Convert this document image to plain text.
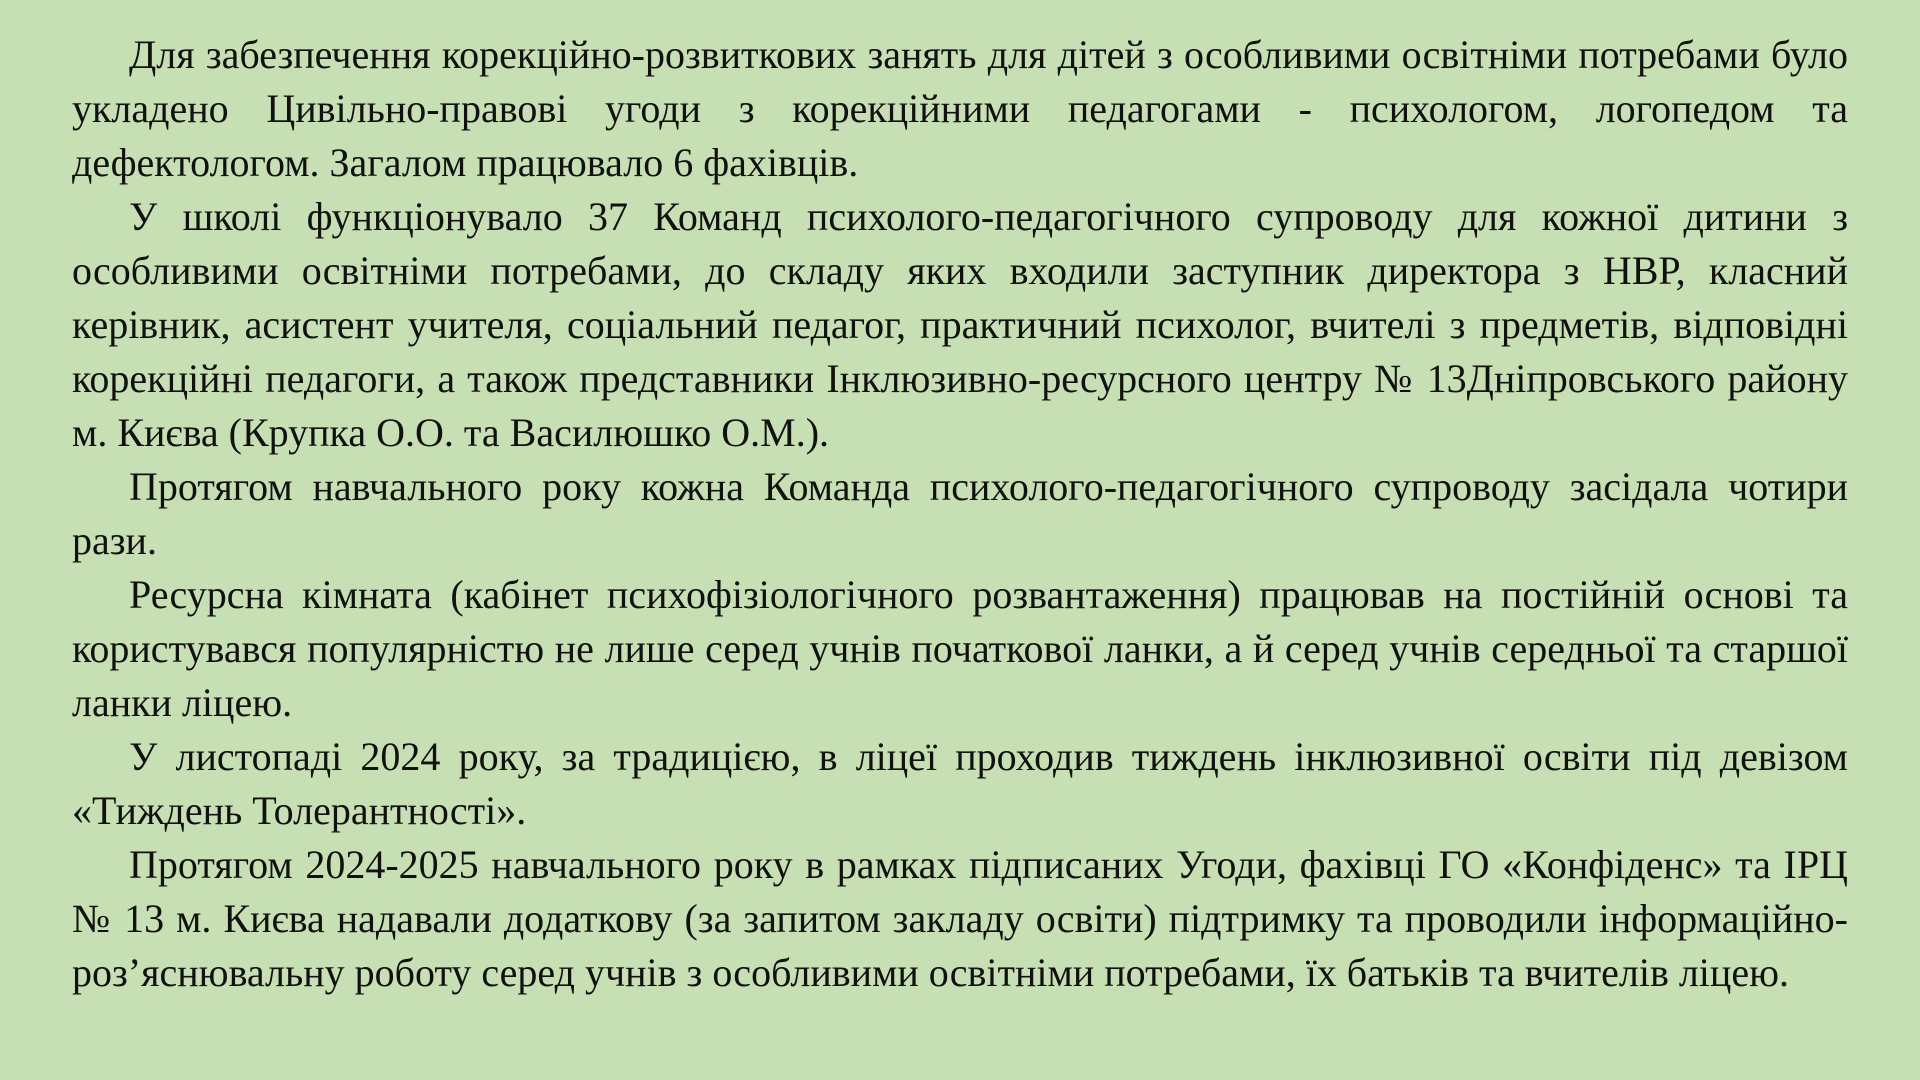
Для забезпечення корекційно-розвиткових занять для дітей з особливими освітніми потребами було укладено Цивільно-правові угоди з корекційними педагогами - психологом, логопедом та дефектологом. Загалом працювало 6 фахівців.

У школі функціонувало 37 Команд психолого-педагогічного супроводу для кожної дитини з особливими освітніми потребами, до складу яких входили заступник директора з НВР, класний керівник, асистент учителя, соціальний педагог, практичний психолог, вчителі з предметів, відповідні корекційні педагоги, а також представники Інклюзивно-ресурсного центру № 13Дніпровського району м. Києва (Крупка О.О. та Василюшко О.М.).

Протягом навчального року кожна Команда психолого-педагогічного супроводу засідала чотири рази.

Ресурсна кімната (кабінет психофізіологічного розвантаження) працював на постійній основі та користувався популярністю не лише серед учнів початкової ланки, а й серед учнів середньої та старшої ланки ліцею.

У листопаді 2024 року, за традицією, в ліцеї проходив тиждень інклюзивної освіти під девізом «Тиждень Толерантності».

Протягом 2024-2025 навчального року в рамках підписаних Угоди, фахівці ГО «Конфіденс» та ІРЦ № 13 м. Києва надавали додаткову (за запитом закладу освіти) підтримку та проводили інформаційно-роз’яснювальну роботу серед учнів з особливими освітніми потребами, їх батьків та вчителів ліцею.
